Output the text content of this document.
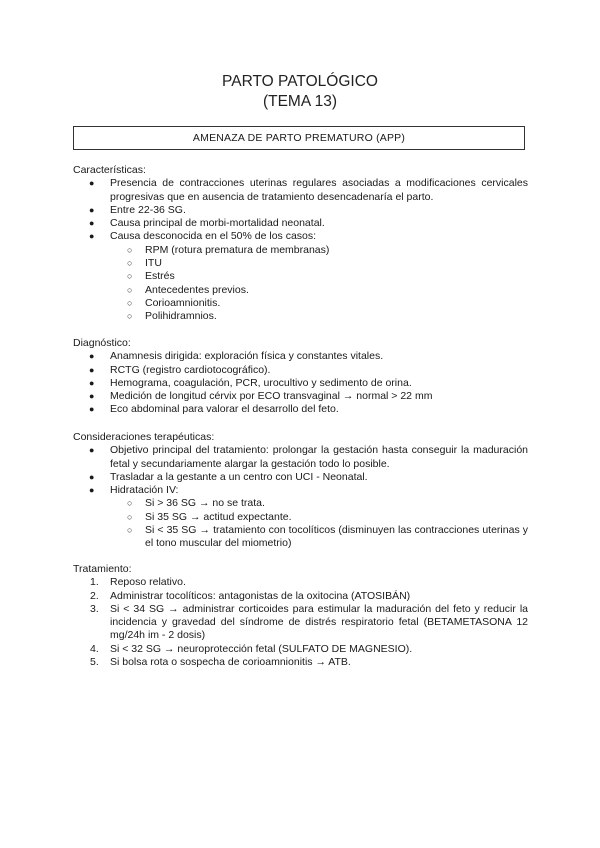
PARTO PATOLÓGICO
(TEMA 13)
AMENAZA DE PARTO PREMATURO (APP)

Características:

● Presencia de contracciones uterinas regulares asociadas a modificaciones cervicales progresivas que en ausencia de tratamiento desencadenaría el parto.
● Entre 22-36 SG.
● Causa principal de morbi-mortalidad neonatal.
● Causa desconocida en el 50% de los casos:
○ RPM (rotura prematura de membranas)
○ ITU
○ Estrés
○ Antecedentes previos.
○ Corioamnionitis.
○ Polihidramnios.

Diagnóstico:

● Anamnesis dirigida: exploración física y constantes vitales.
● RCTG (registro cardiotocográfico).
● Hemograma, coagulación, PCR, urocultivo y sedimento de orina.
● Medición de longitud cérvix por ECO transvaginal → normal > 22 mm
● Eco abdominal para valorar el desarrollo del feto.

Consideraciones terapéuticas:

● Objetivo principal del tratamiento: prolongar la gestación hasta conseguir la maduración fetal y secundariamente alargar la gestación todo lo posible.
● Trasladar a la gestante a un centro con UCI - Neonatal.
● Hidratación IV:
○ Si > 36 SG → no se trata.
○ Si 35 SG → actitud expectante.
○ Si < 35 SG → tratamiento con tocolíticos (disminuyen las contracciones uterinas y el tono muscular del miometrio)

Tratamiento:

1. Reposo relativo.
2. Administrar tocolíticos: antagonistas de la oxitocina (ATOSIBÁN)
3. Si < 34 SG → administrar corticoides para estimular la maduración del feto y reducir la incidencia y gravedad del síndrome de distrés respiratorio fetal (BETAMETASONA 12 mg/24h im - 2 dosis)
4. Si < 32 SG → neuroprotección fetal (SULFATO DE MAGNESIO).
5. Si bolsa rota o sospecha de corioamnionitis → ATB.
